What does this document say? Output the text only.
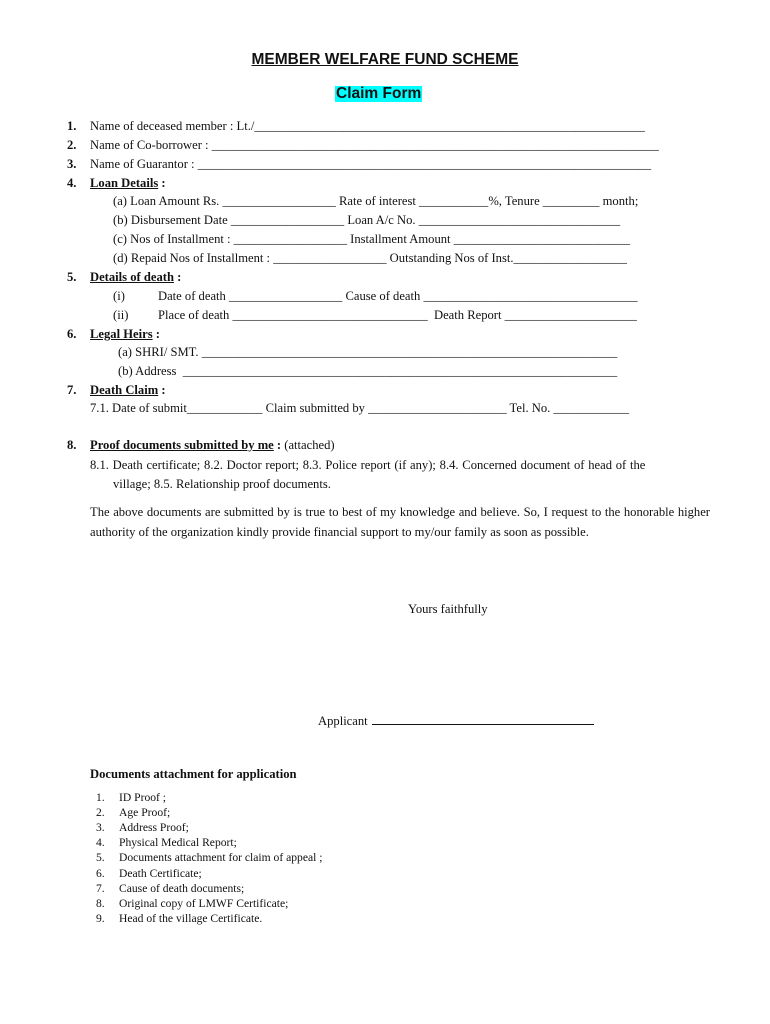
MEMBER WELFARE FUND SCHEME
Claim Form
1. Name of deceased member : Lt./______________________________________________________________
2. Name of Co-borrower : _______________________________________________________________________
3. Name of Guarantor : ________________________________________________________________________
4. Loan Details :
(a) Loan Amount Rs. __________________ Rate of interest ___________%, Tenure _________ month;
(b) Disbursement Date __________________ Loan A/c No. ________________________________
(c) Nos of Installment : __________________ Installment Amount ____________________________
(d) Repaid Nos of Installment : __________________ Outstanding Nos of Inst.__________________
5. Details of death :
(i)	Date of death __________________ Cause of death __________________________________
(ii) Place of death _______________________________  Death Report _____________________
6. Legal Heirs :
(a) SHRI/ SMT. __________________________________________________________________
(b) Address  _____________________________________________________________________
7. Death Claim :
7.1. Date of submit____________ Claim submitted by ______________________ Tel. No. ____________
8. Proof documents submitted by me : (attached)
8.1. Death certificate; 8.2. Doctor report; 8.3. Police report (if any); 8.4. Concerned document of head of the
village; 8.5. Relationship proof documents.
The above documents are submitted by is true to best of my knowledge and believe. So, I request to the honorable higher authority of the organization kindly provide financial support to my/our family as soon as possible.
Yours faithfully
Applicant
Documents attachment for application
1. ID Proof ;
2. Age Proof;
3. Address Proof;
4. Physical Medical Report;
5. Documents attachment for claim of appeal ;
6. Death Certificate;
7. Cause of death documents;
8. Original copy of LMWF Certificate;
9. Head of the village Certificate.
